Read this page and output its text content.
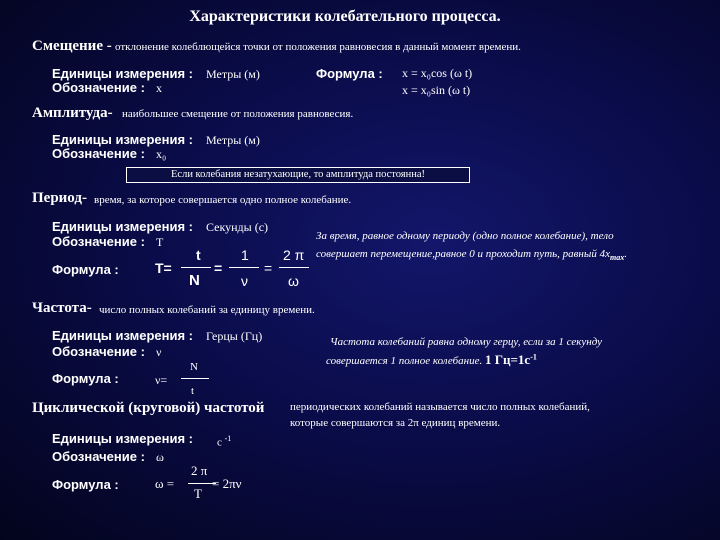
Характеристики колебательного процесса.
Смещение - отклонение колеблющейся точки от положения равновесия в данный момент времени.
Единицы измерения : Метры (м)
Обозначение : x
Формула : x = x₀cos (ω t)
x = x₀sin (ω t)
Амплитуда- наибольшее смещение от положения равновесия.
Единицы измерения : Метры (м)
Обозначение : x₀
Если колебания незатухающие, то амплитуда постоянна!
Период- время, за которое совершается одно полное колебание.
Единицы измерения : Секунды (с)
Обозначение : T
Формула :	T=
t
N
=
1
ν
=
2 π
ω
За время, равное одному периоду (одно полное колебание), тело
совершает перемещение,равное 0 и проходит путь, равный $4x_{max}$.
Частота- число полных колебаний за единицу времени.
Единицы измерения : Герцы (Гц)
Обозначение : ν
Формула :	ν=
N
t
Частота колебаний равна одному герцу, если за 1 секунду
совершается 1 полное колебание. 1 $Гц=1с^{-1}$
Циклической (круговой) частотой периодических колебаний называется число полных колебаний,
которые совершаются за 2π единиц времени.
Единицы измерения : с $^{-1}$
Обозначение : ω
Формула :	ω =
2 π
T
= 2πν
